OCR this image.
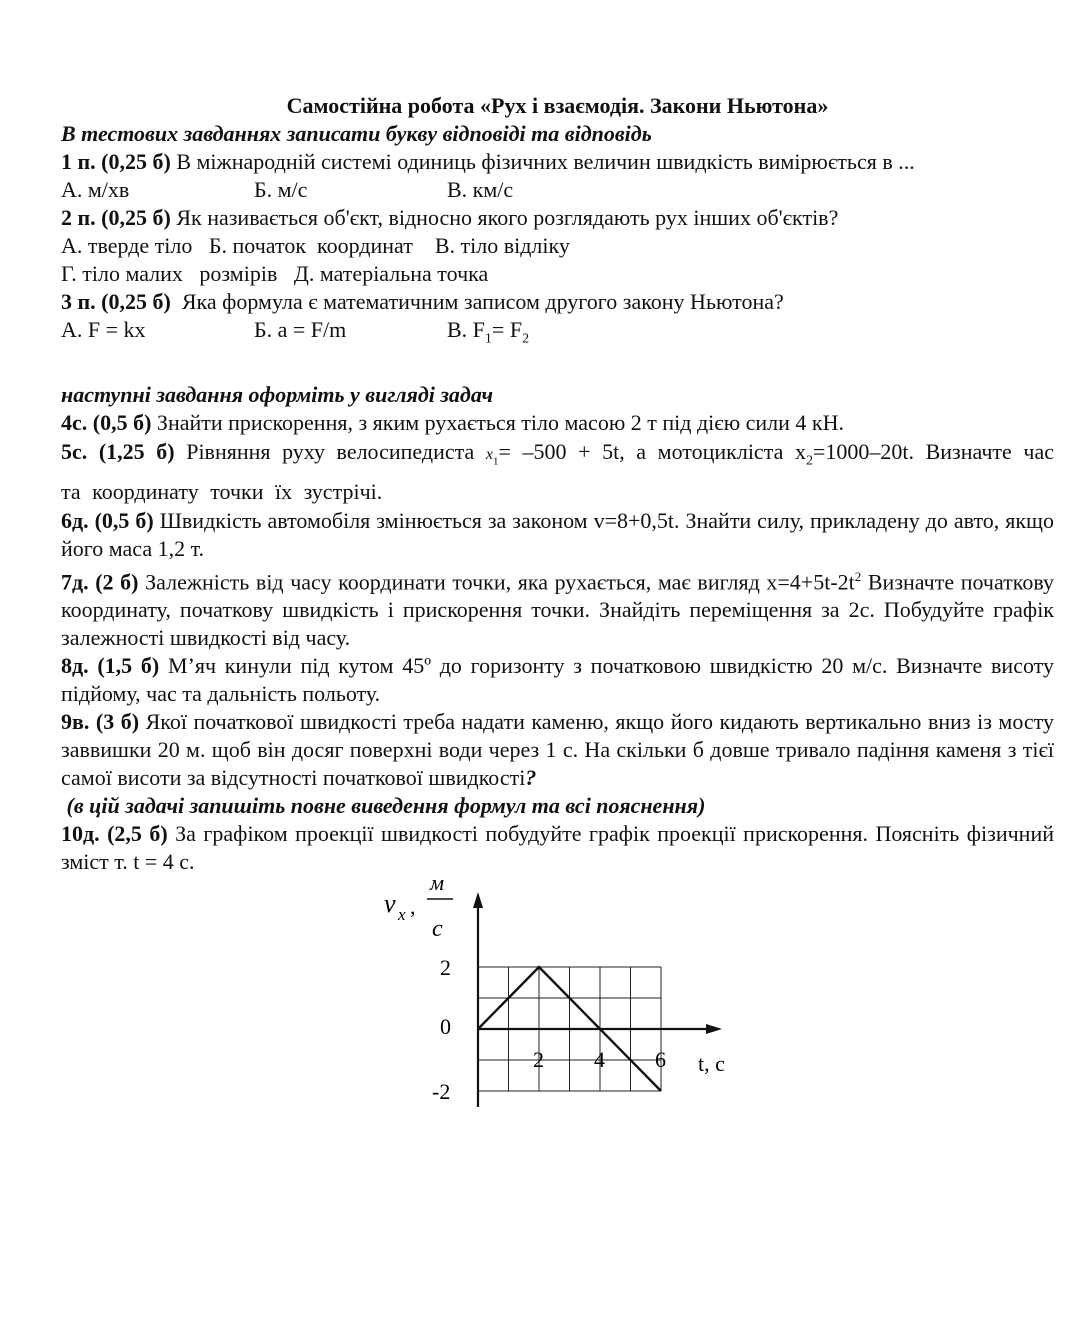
Самостійна робота «Рух і взаємодія. Закони Ньютона»

В тестових завданнях записати букву відповіді та відповідь

1 п. (0,25 б) В міжнародній системі одиниць фізичних величин швидкість вимірюється в ...

А. м/хв	Б. м/с	В. км/с

2 п. (0,25 б) Як називається об'єкт, відносно якого розглядають рух інших об'єктів?

А. тверде тіло   Б. початок  координат    В. тіло відліку

Г. тіло малих   розмірів   Д. матеріальна точка

3 п. (0,25 б)  Яка формула є математичним записом другого закону Ньютона?

А. F = kx	Б. a = F/m	В. $F_1= F_2$

наступні завдання оформіть у вигляді задач

4с. (0,5 б) Знайти прискорення, з яким рухається тіло масою 2 т під дією сили 4 кН.

5с. (1,25 б) Рівняння руху велосипедиста $x_1= -500 + 5t$, а мотоцикліста $x_2=1000-20t$. Визначте час та координату точки їх зустрічі.

6д. (0,5 б) Швидкість автомобіля змінюється за законом v=8+0,5t. Знайти силу, прикладену до авто, якщо його маса 1,2 т.

7д. (2 б) Залежність від часу координати точки, яка рухається, має вигляд $x=4+5t-2t^2$ Визначте початкову координату, початкову швидкість і прискорення точки. Знайдіть переміщення за 2с. Побудуйте графік залежності швидкості від часу.

8д. (1,5 б) М’яч кинули під кутом 45º до горизонту з початковою швидкістю 20 м/с. Визначте висоту підйому, час та дальність польоту.

9в. (3 б) Якої початкової швидкості треба надати каменю, якщо його кидають вертикально вниз із мосту заввишки 20 м. щоб він досяг поверхні води через 1 с. На скільки б довше тривало падіння каменя з тієї самої висоти за відсутності початкової швидкості?

(в цій задачі запишіть повне виведення формул та всі пояснення)

10д. (2,5 б) За графіком проекції швидкості побудуйте графік проекції прискорення. Поясніть фізичний зміст т. t = 4 с.

2 4 6
2
0
-2
v x ,
м
с
t, c
